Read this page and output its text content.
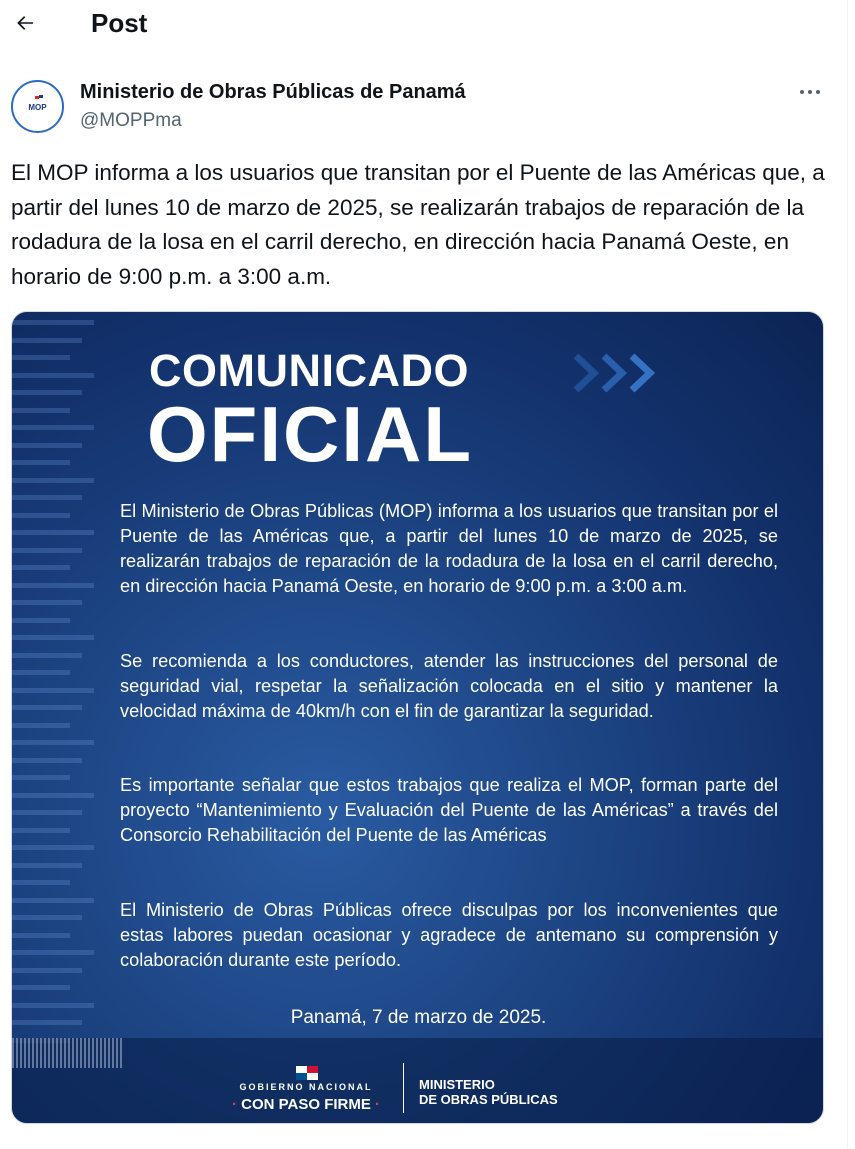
Post
MOP
Ministerio de Obras Públicas de Panamá
@MOPPma

El MOP informa a los usuarios que transitan por el Puente de las Américas que, a partir del lunes 10 de marzo de 2025, se realizarán trabajos de reparación de la rodadura de la losa en el carril derecho, en dirección hacia Panamá Oeste, en horario de 9:00 p.m. a 3:00 a.m.

COMUNICADO
OFICIAL

El Ministerio de Obras Públicas (MOP) informa a los usuarios que transitan por el Puente de las Américas que, a partir del lunes 10 de marzo de 2025, se realizarán trabajos de reparación de la rodadura de la losa en el carril derecho, en dirección hacia Panamá Oeste, en horario de 9:00 p.m. a 3:00 a.m.

Se recomienda a los conductores, atender las instrucciones del personal de seguridad vial, respetar la señalización colocada en el sitio y mantener la velocidad máxima de 40km/h con el fin de garantizar la seguridad.

Es importante señalar que estos trabajos que realiza el MOP, forman parte del proyecto “Mantenimiento y Evaluación del Puente de las Américas” a través del Consorcio Rehabilitación del Puente de las Américas

El Ministerio de Obras Públicas ofrece disculpas por los inconvenientes que estas labores puedan ocasionar y agradece de antemano su comprensión y colaboración durante este período.

Panamá, 7 de marzo de 2025.
GOBIERNO NACIONAL
· CON PASO FIRME ·
MINISTERIO
DE OBRAS PÚBLICAS
